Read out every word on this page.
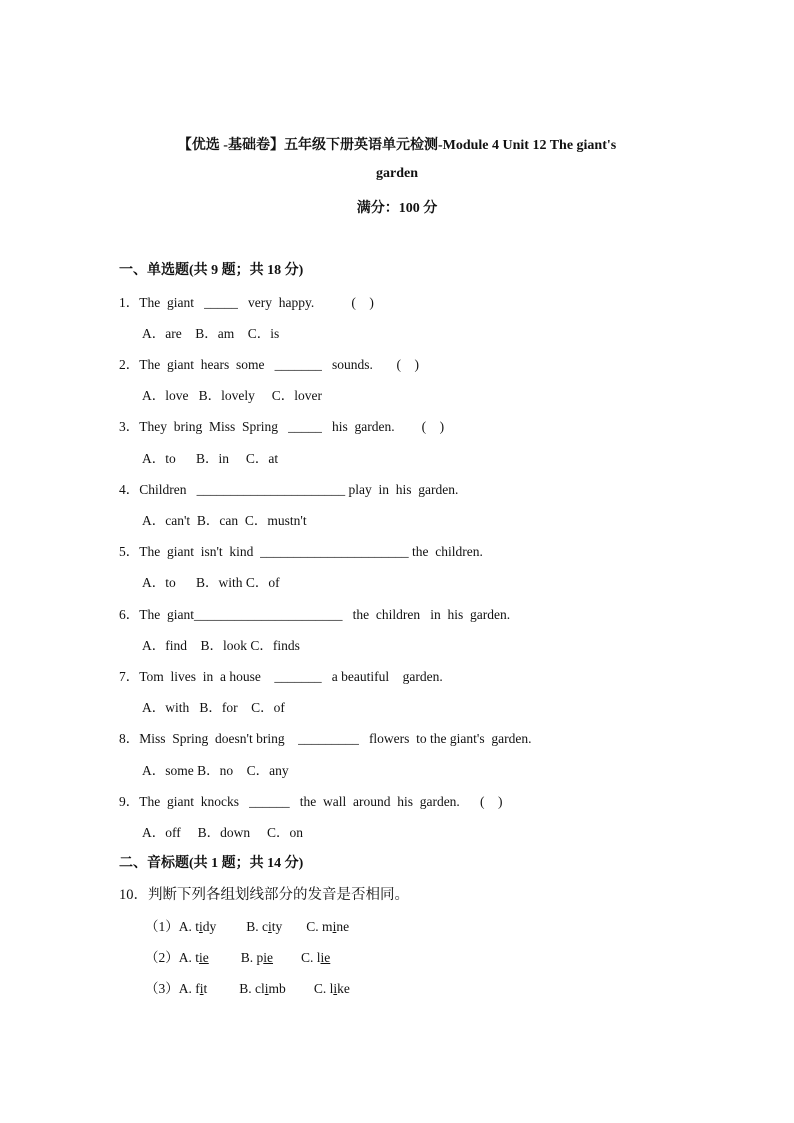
【优选 -基础卷】五年级下册英语单元检测-Module 4 Unit 12 The giant's
garden
满分：100 分
一、单选题(共 9 题；共 18 分)
1．The  giant   _____   very  happy.           (    )
A．are    B．am    C．is
2．The  giant  hears  some   _______   sounds.       (    )
A．love   B．lovely     C．lover
3．They  bring  Miss  Spring   _____   his  garden.        (    )
A．to      B．in     C．at
4．Children   ______________________ play  in  his  garden.
A．can't  B．can  C．mustn't
5．The  giant  isn't  kind  ______________________ the  children.
A．to      B．with C．of
6．The  giant______________________   the  children   in  his  garden.
A．find    B．look C．finds
7．Tom  lives  in  a house    _______   a beautiful    garden.
A．with   B．for    C．of
8．Miss  Spring  doesn't bring    _________   flowers  to the giant's  garden.
A．some B．no    C．any
9．The  giant  knocks   ______   the  wall  around  his  garden.      (    )
A．off     B．down     C．on
二、音标题(共 1 题；共 14 分)
10．判断下列各组划线部分的发音是否相同。
（1）A. tidy B. city C. mine
（2）A. tie B. pie C. lie
（3）A. fit B. climb C. like
